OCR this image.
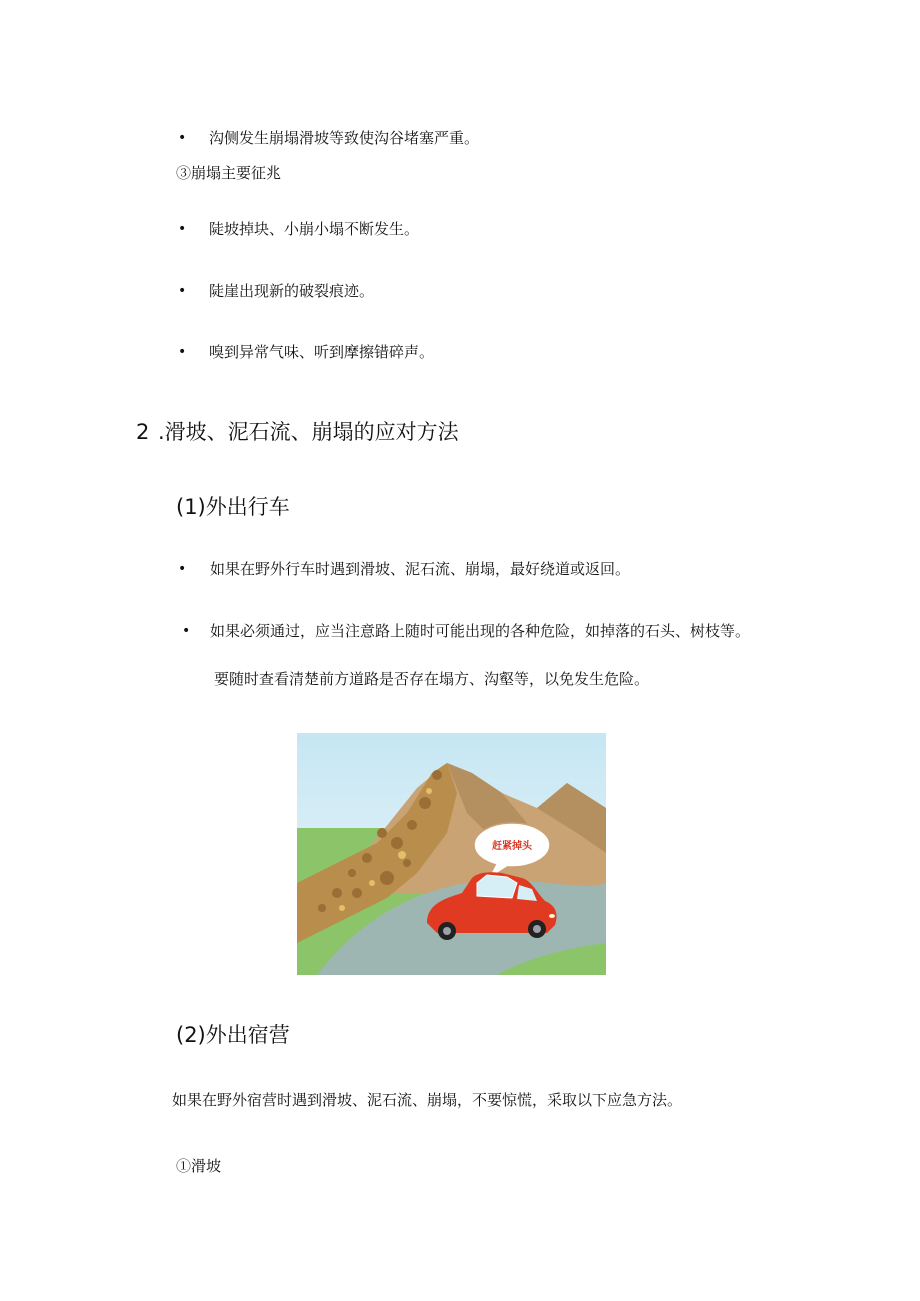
• 沟侧发生崩塌滑坡等致使沟谷堵塞严重。
③崩塌主要征兆
• 陡坡掉块、小崩小塌不断发生。
• 陡崖出现新的破裂痕迹。
• 嗅到异常气味、听到摩擦错碎声。
2 .滑坡、泥石流、崩塌的应对方法
(1)外出行车
• 如果在野外行车时遇到滑坡、泥石流、崩塌，最好绕道或返回。
• 如果必须通过，应当注意路上随时可能出现的各种危险，如掉落的石头、树枝等。
要随时查看清楚前方道路是否存在塌方、沟壑等，以免发生危险。
赶紧掉头
(2)外出宿营
如果在野外宿营时遇到滑坡、泥石流、崩塌，不要惊慌，采取以下应急方法。
①滑坡
